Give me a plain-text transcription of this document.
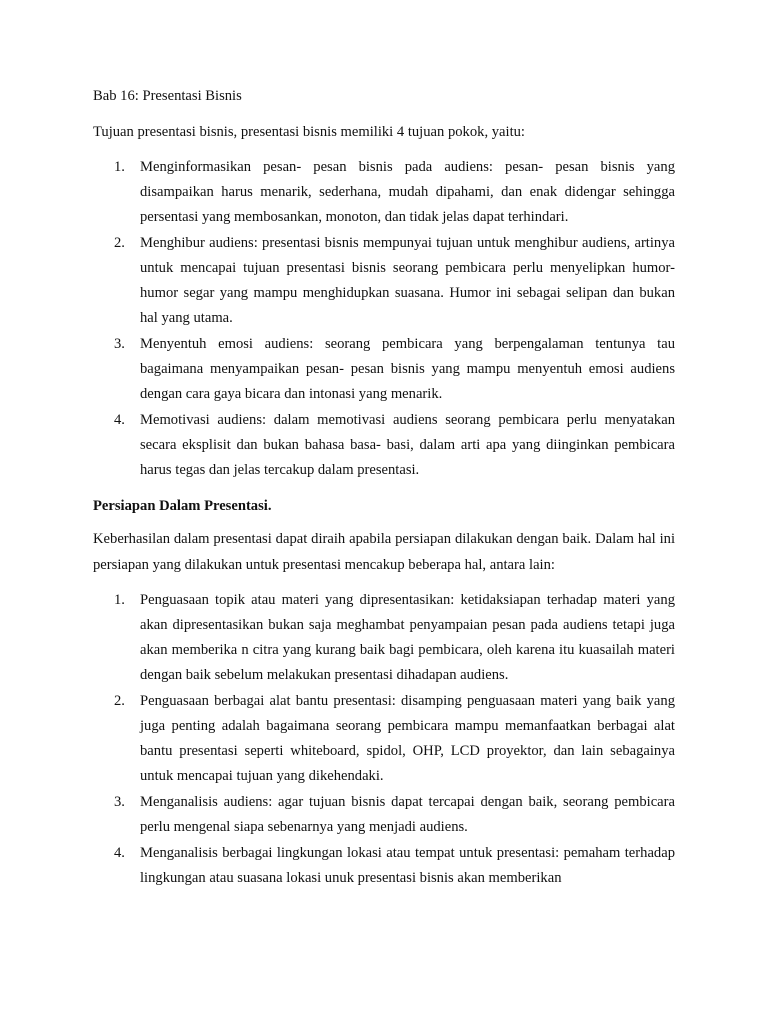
Bab 16: Presentasi Bisnis

Tujuan presentasi bisnis, presentasi bisnis memiliki 4 tujuan pokok, yaitu:

1. Menginformasikan pesan- pesan bisnis pada audiens: pesan- pesan bisnis yang disampaikan harus menarik, sederhana, mudah dipahami, dan enak didengar sehingga persentasi yang membosankan, monoton, dan tidak jelas dapat terhindari.
2. Menghibur audiens: presentasi bisnis mempunyai tujuan untuk menghibur audiens, artinya untuk mencapai tujuan presentasi bisnis seorang pembicara perlu menyelipkan humor- humor segar yang mampu menghidupkan suasana. Humor ini sebagai selipan dan bukan hal yang utama.
3. Menyentuh emosi audiens: seorang pembicara yang berpengalaman tentunya tau bagaimana menyampaikan pesan- pesan bisnis yang mampu menyentuh emosi audiens dengan cara gaya bicara dan intonasi yang menarik.
4. Memotivasi audiens: dalam memotivasi audiens seorang pembicara perlu menyatakan secara eksplisit dan bukan bahasa basa- basi, dalam arti apa yang diinginkan pembicara harus tegas dan jelas tercakup dalam presentasi.
Persiapan Dalam Presentasi.

Keberhasilan dalam presentasi dapat diraih apabila persiapan dilakukan dengan baik. Dalam hal ini persiapan yang dilakukan untuk presentasi mencakup beberapa hal, antara lain:

1. Penguasaan topik atau materi yang dipresentasikan: ketidaksiapan terhadap materi yang akan dipresentasikan bukan saja meghambat penyampaian pesan pada audiens tetapi juga akan memberika n citra yang kurang baik bagi pembicara, oleh karena itu kuasailah materi dengan baik sebelum melakukan presentasi dihadapan audiens.
2. Penguasaan berbagai alat bantu presentasi: disamping penguasaan materi yang baik yang juga penting adalah bagaimana seorang pembicara mampu memanfaatkan berbagai alat bantu presentasi seperti whiteboard, spidol, OHP, LCD proyektor, dan lain sebagainya untuk mencapai tujuan yang dikehendaki.
3. Menganalisis audiens: agar tujuan bisnis dapat tercapai dengan baik, seorang pembicara perlu mengenal siapa sebenarnya yang menjadi audiens.
4. Menganalisis berbagai lingkungan lokasi atau tempat untuk presentasi: pemaham terhadap lingkungan atau suasana lokasi unuk presentasi bisnis akan memberikan
